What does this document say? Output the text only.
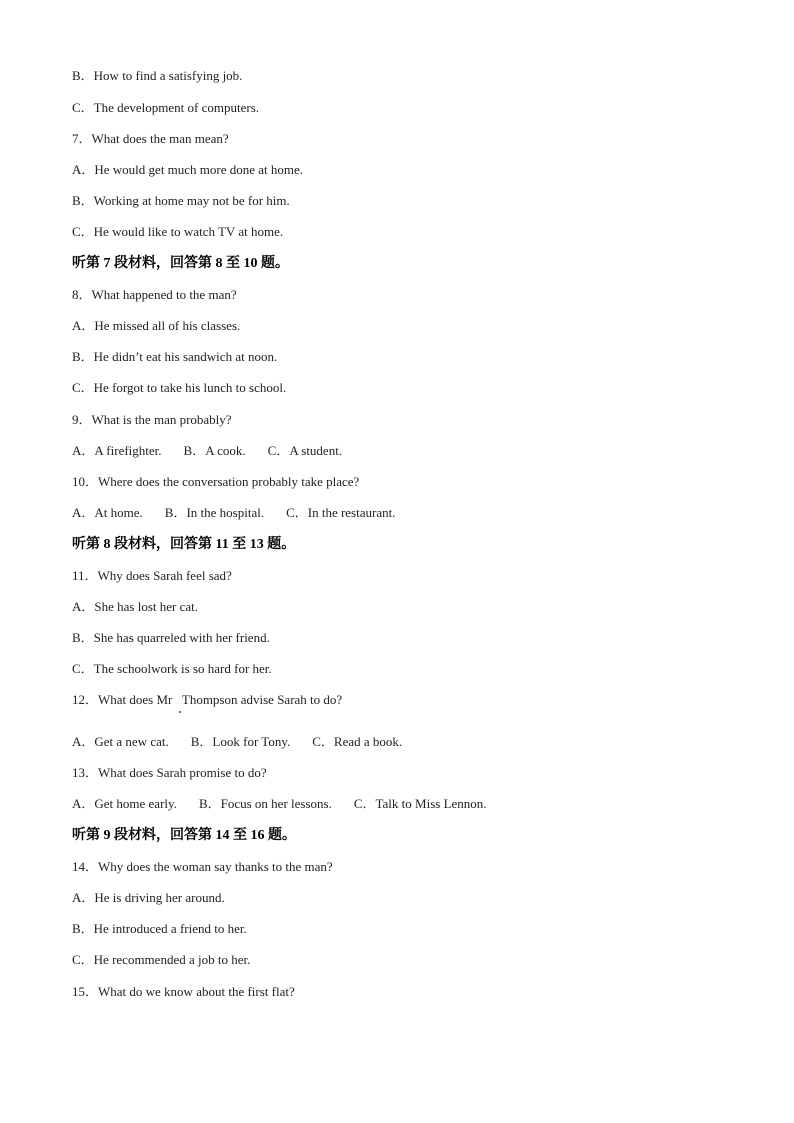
B．How to find a satisfying job.
C．The development of computers.
7．What does the man mean?
A．He would get much more done at home.
B．Working at home may not be for him.
C．He would like to watch TV at home.
听第 7 段材料，回答第 8 至 10 题。
8．What happened to the man?
A．He missed all of his classes.
B．He didn’t eat his sandwich at noon.
C．He forgot to take his lunch to school.
9．What is the man probably?
A．A firefighter. B．A cook. C．A student.
10．Where does the conversation probably take place?
A．At home. B．In the hospital. C．In the restaurant.
听第 8 段材料，回答第 11 至 13 题。
11．Why does Sarah feel sad?
A．She has lost her cat.
B．She has quarreled with her friend.
C．The schoolwork is so hard for her.
12．What does Mr   Thompson advise Sarah to do?
A．Get a new cat. B．Look for Tony. C．Read a book.
13．What does Sarah promise to do?
A．Get home early. B．Focus on her lessons. C．Talk to Miss Lennon.
听第 9 段材料，回答第 14 至 16 题。
14．Why does the woman say thanks to the man?
A．He is driving her around.
B．He introduced a friend to her.
C．He recommended a job to her.
15．What do we know about the first flat?
